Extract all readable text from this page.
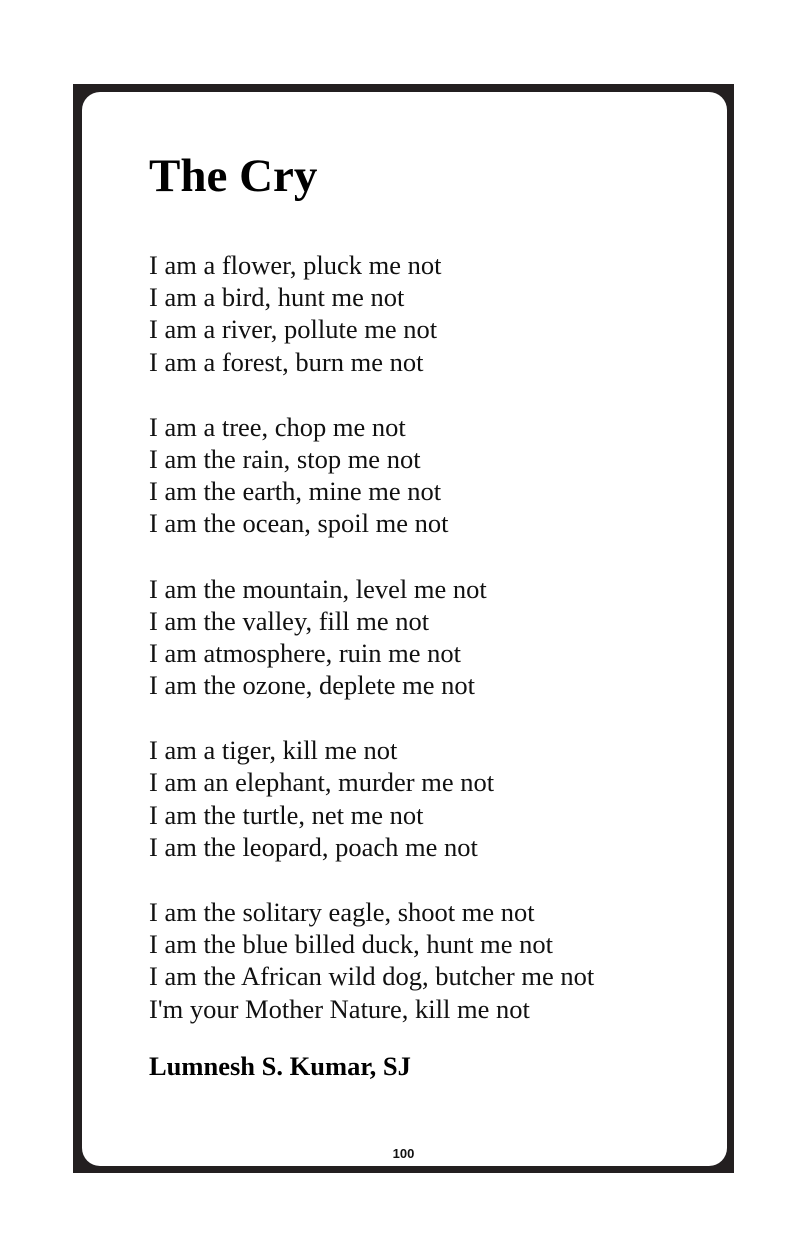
The Cry
I am a flower, pluck me not
I am a bird, hunt me not
I am a river, pollute me not
I am a forest, burn me not
I am a tree, chop me not
I am the rain, stop me not
I am the earth, mine me not
I am the ocean, spoil me not
I am the mountain, level me not
I am the valley, fill me not
I am atmosphere, ruin me not
I am the ozone, deplete me not
I am a tiger, kill me not
I am an elephant, murder me not
I am the turtle, net me not
I am the leopard, poach me not
I am the solitary eagle, shoot me not
I am the blue billed duck, hunt me not
I am the African wild dog, butcher me not
I'm your Mother Nature, kill me not
Lumnesh S. Kumar, SJ
100
